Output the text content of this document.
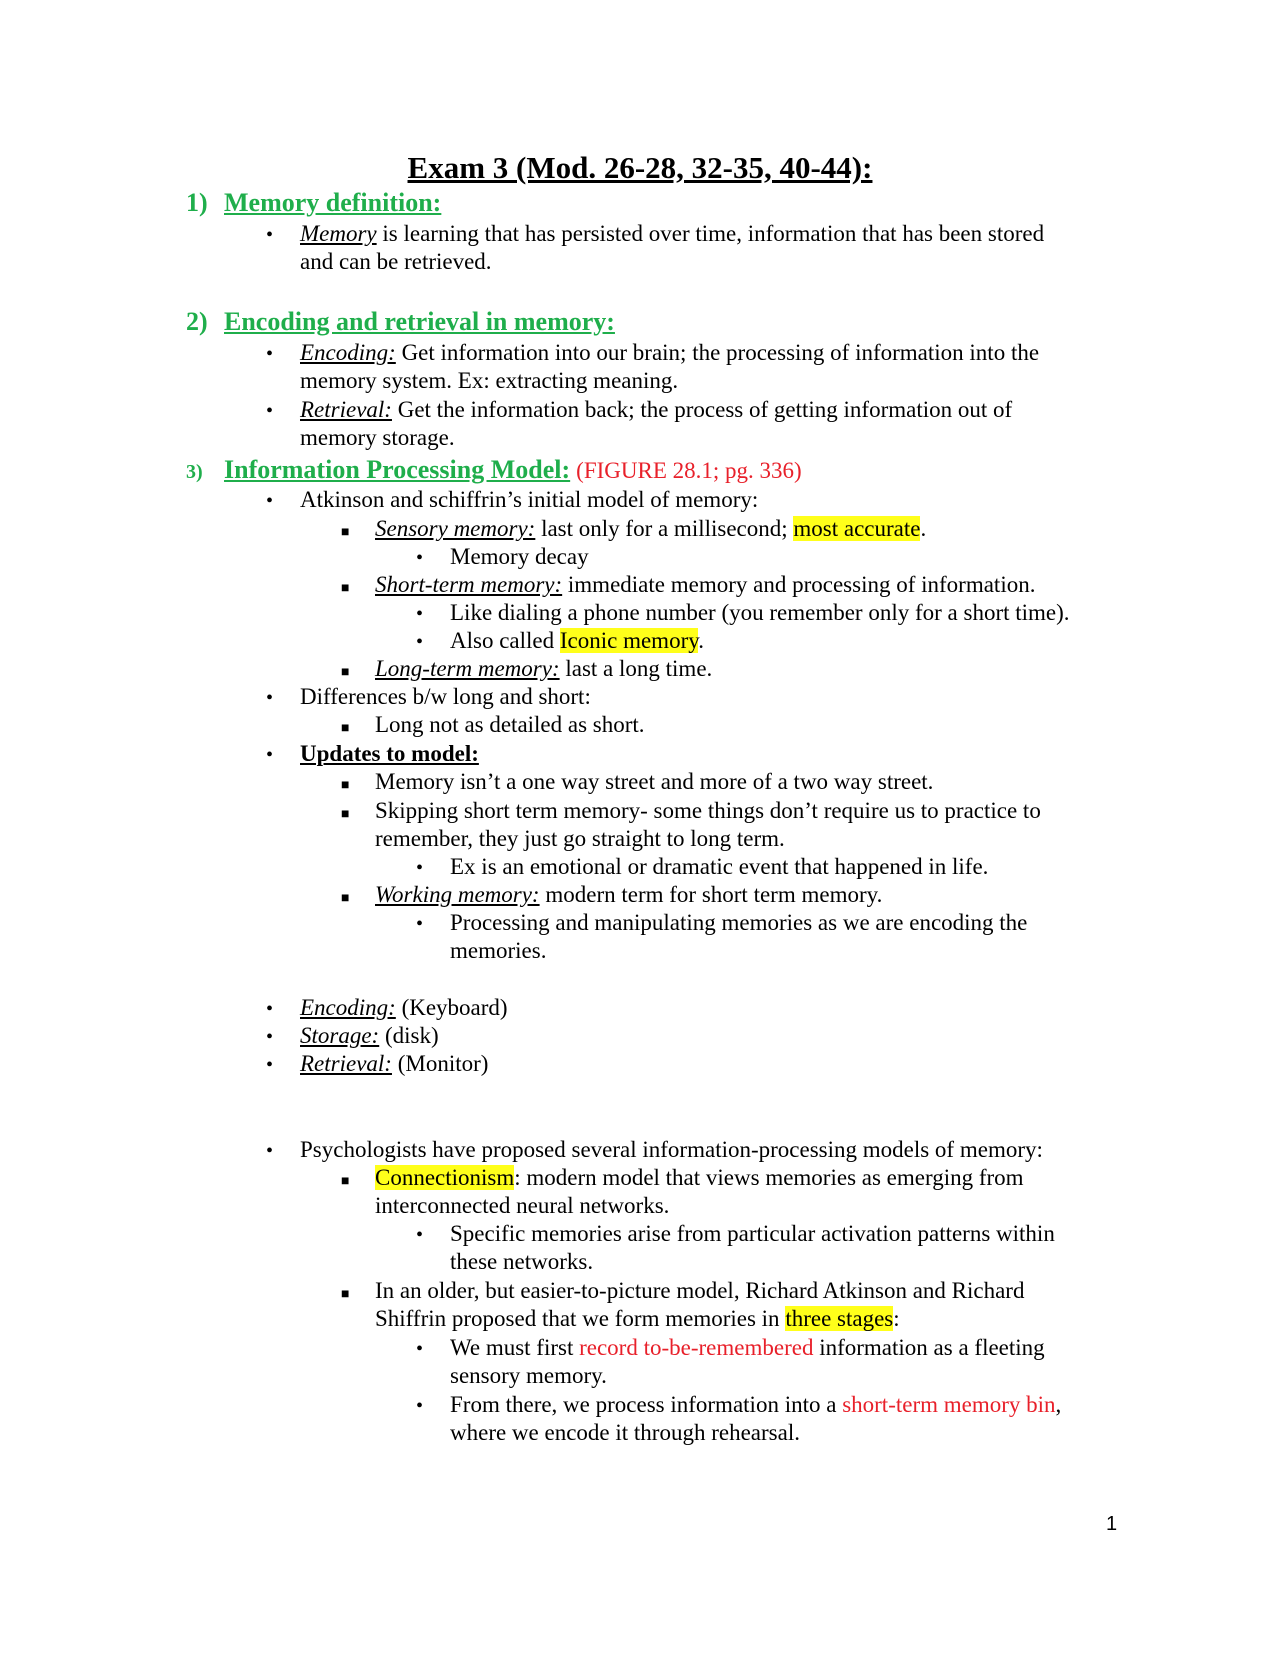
Exam 3 (Mod. 26-28, 32-35, 40-44):
1) Memory definition:
• Memory is learning that has persisted over time, information that has been stored
and can be retrieved.
2) Encoding and retrieval in memory:
• Encoding: Get information into our brain; the processing of information into the
memory system. Ex: extracting meaning.
• Retrieval: Get the information back; the process of getting information out of
memory storage.
3) Information Processing Model: (FIGURE 28.1; pg. 336)
• Atkinson and schiffrin’s initial model of memory:
■ Sensory memory: last only for a millisecond; most accurate.
• Memory decay
■ Short-term memory: immediate memory and processing of information.
• Like dialing a phone number (you remember only for a short time).
• Also called Iconic memory.
■ Long-term memory: last a long time.
• Differences b/w long and short:
■ Long not as detailed as short.
• Updates to model:
■ Memory isn’t a one way street and more of a two way street.
■ Skipping short term memory- some things don’t require us to practice to
remember, they just go straight to long term.
• Ex is an emotional or dramatic event that happened in life.
■ Working memory: modern term for short term memory.
• Processing and manipulating memories as we are encoding the
memories.
• Encoding: (Keyboard)
• Storage: (disk)
• Retrieval: (Monitor)
• Psychologists have proposed several information-processing models of memory:
■ Connectionism: modern model that views memories as emerging from
interconnected neural networks.
• Specific memories arise from particular activation patterns within
these networks.
■ In an older, but easier-to-picture model, Richard Atkinson and Richard
Shiffrin proposed that we form memories in three stages:
• We must first record to-be-remembered information as a fleeting
sensory memory.
• From there, we process information into a short-term memory bin,
where we encode it through rehearsal.
1
